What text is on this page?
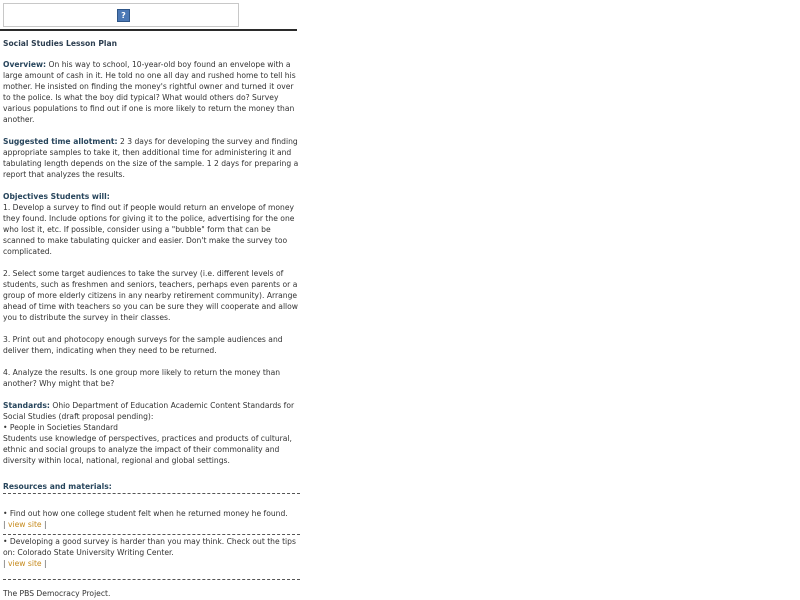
?
Social Studies Lesson Plan

Overview: On his way to school, 10-year-old boy found an envelope with a large amount of cash in it. He told no one all day and rushed home to tell his mother. He insisted on finding the money's rightful owner and turned it over to the police. Is what the boy did typical? What would others do? Survey various populations to find out if one is more likely to return the money than another.

Suggested time allotment: 2 3 days for developing the survey and finding appropriate samples to take it, then additional time for administering it and tabulating length depends on the size of the sample. 1 2 days for preparing a report that analyzes the results.

Objectives Students will:

1. Develop a survey to find out if people would return an envelope of money they found. Include options for giving it to the police, advertising for the one who lost it, etc. If possible, consider using a "bubble" form that can be scanned to make tabulating quicker and easier. Don't make the survey too complicated.

2. Select some target audiences to take the survey (i.e. different levels of students, such as freshmen and seniors, teachers, perhaps even parents or a group of more elderly citizens in any nearby retirement community). Arrange ahead of time with teachers so you can be sure they will cooperate and allow you to distribute the survey in their classes.

3. Print out and photocopy enough surveys for the sample audiences and deliver them, indicating when they need to be returned.

4. Analyze the results. Is one group more likely to return the money than another? Why might that be?

Standards: Ohio Department of Education Academic Content Standards for Social Studies (draft proposal pending):
• People in Societies Standard
Students use knowledge of perspectives, practices and products of cultural, ethnic and social groups to analyze the impact of their commonality and diversity within local, national, regional and global settings.
Resources and materials:
• Find out how one college student felt when he returned money he found.
| view site |
• Developing a good survey is harder than you may think. Check out the tips on: Colorado State University Writing Center.
| view site |
The PBS Democracy Project.
